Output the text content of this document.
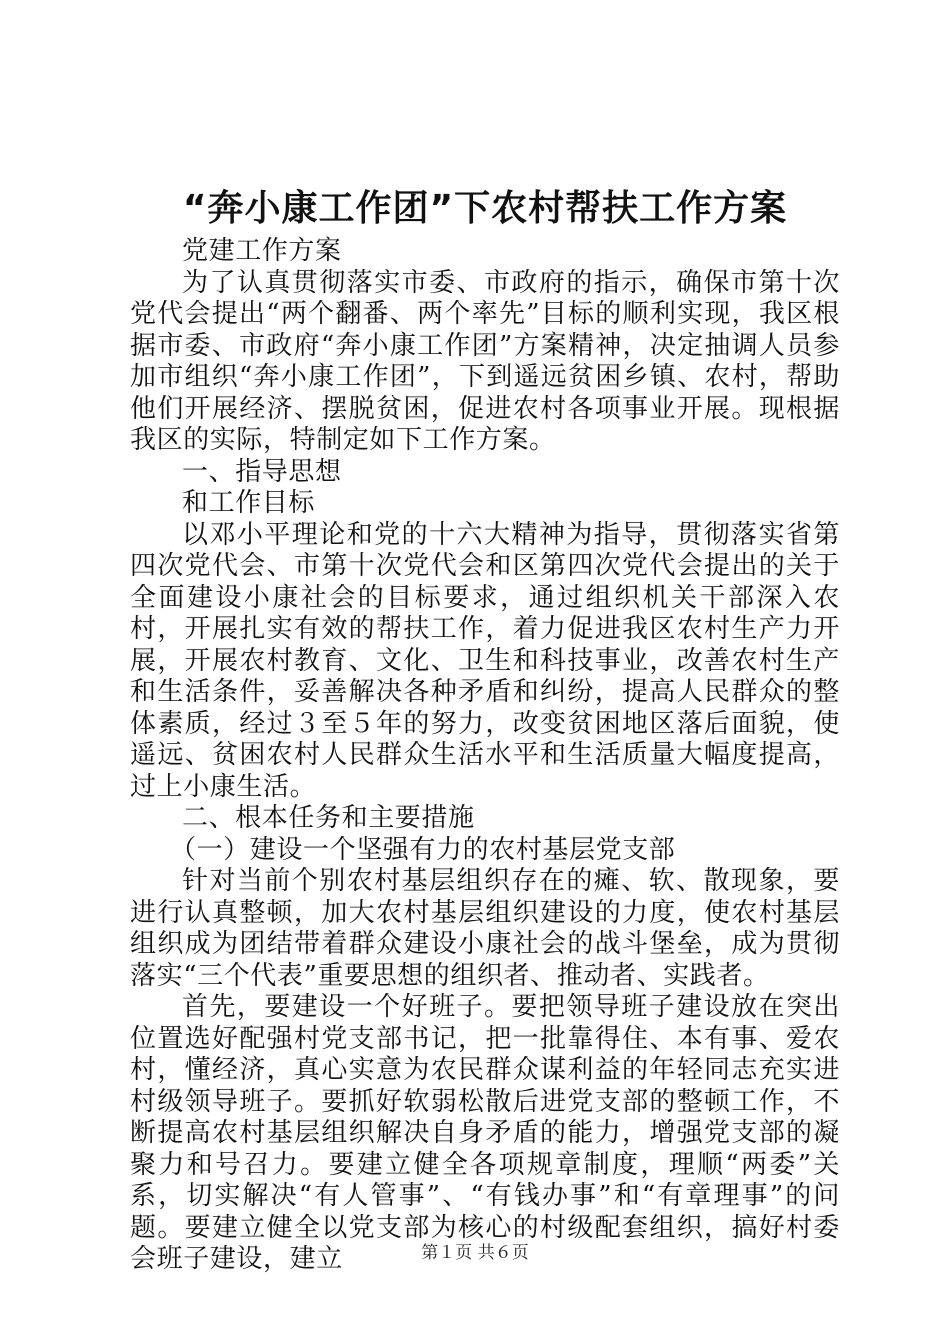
“奔小康工作团”下农村帮扶工作方案

党建工作方案

为了认真贯彻落实市委、市政府的指示，确保市第十次党代会提出“两个翻番、两个率先”目标的顺利实现，我区根据市委、市政府“奔小康工作团”方案精神，决定抽调人员参加市组织“奔小康工作团”，下到遥远贫困乡镇、农村，帮助他们开展经济、摆脱贫困，促进农村各项事业开展。现根据我区的实际，特制定如下工作方案。

一、指导思想

和工作目标

以邓小平理论和党的十六大精神为指导，贯彻落实省第四次党代会、市第十次党代会和区第四次党代会提出的关于全面建设小康社会的目标要求，通过组织机关干部深入农村，开展扎实有效的帮扶工作，着力促进我区农村生产力开展，开展农村教育、文化、卫生和科技事业，改善农村生产和生活条件，妥善解决各种矛盾和纠纷，提高人民群众的整体素质，经过３至５年的努力，改变贫困地区落后面貌，使遥远、贫困农村人民群众生活水平和生活质量大幅度提高，过上小康生活。

二、根本任务和主要措施

（一）建设一个坚强有力的农村基层党支部

针对当前个别农村基层组织存在的瘫、软、散现象，要进行认真整顿，加大农村基层组织建设的力度，使农村基层组织成为团结带着群众建设小康社会的战斗堡垒，成为贯彻落实“三个代表”重要思想的组织者、推动者、实践者。

首先，要建设一个好班子。要把领导班子建设放在突出位置选好配强村党支部书记，把一批靠得住、本有事、爱农村，懂经济，真心实意为农民群众谋利益的年轻同志充实进村级领导班子。要抓好软弱松散后进党支部的整顿工作，不断提高农村基层组织解决自身矛盾的能力，增强党支部的凝聚力和号召力。要建立健全各项规章制度，理顺“两委”关系，切实解决“有人管事”、“有钱办事”和“有章理事”的问题。要建立健全以党支部为核心的村级配套组织，搞好村委会班子建设，建立	第１页 共６页
